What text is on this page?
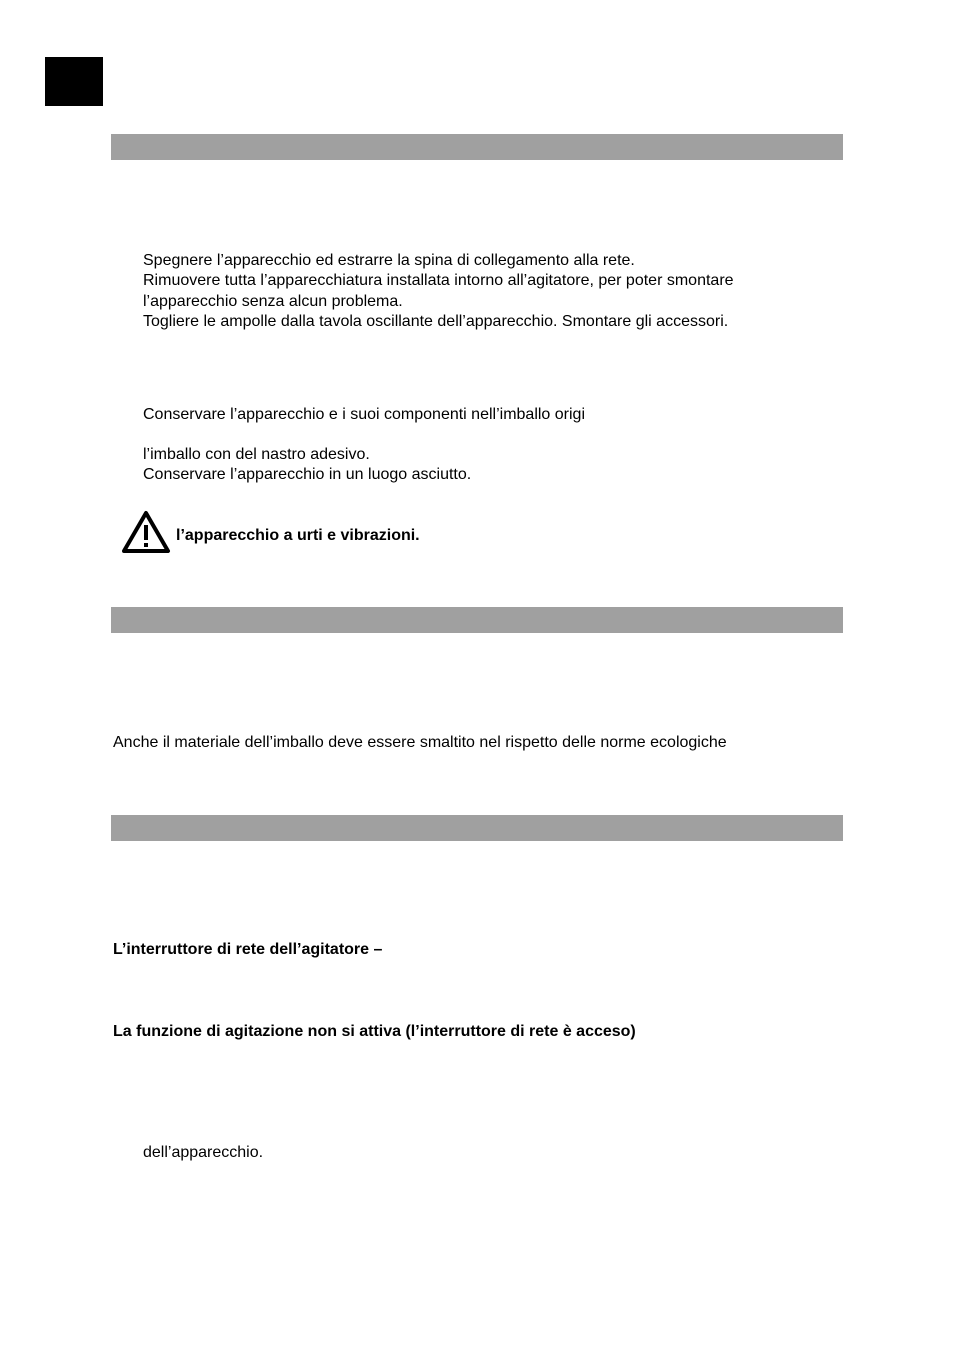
Spegnere l’apparecchio ed estrarre la spina di collegamento alla rete.

Rimuovere tutta l’apparecchiatura installata intorno all’agitatore, per poter smontare

l’apparecchio senza alcun problema.

Togliere le ampolle dalla tavola oscillante dell’apparecchio. Smontare gli accessori.

Conservare l’apparecchio e i suoi componenti nell’imballo origi

l’imballo con del nastro adesivo.

Conservare l’apparecchio in un luogo asciutto.

l’apparecchio a urti e vibrazioni.

Anche il materiale dell’imballo deve essere smaltito nel rispetto delle norme ecologiche

L’interruttore di rete dell’agitatore –

La funzione di agitazione non si attiva (l’interruttore di rete è acceso)

dell’apparecchio.
